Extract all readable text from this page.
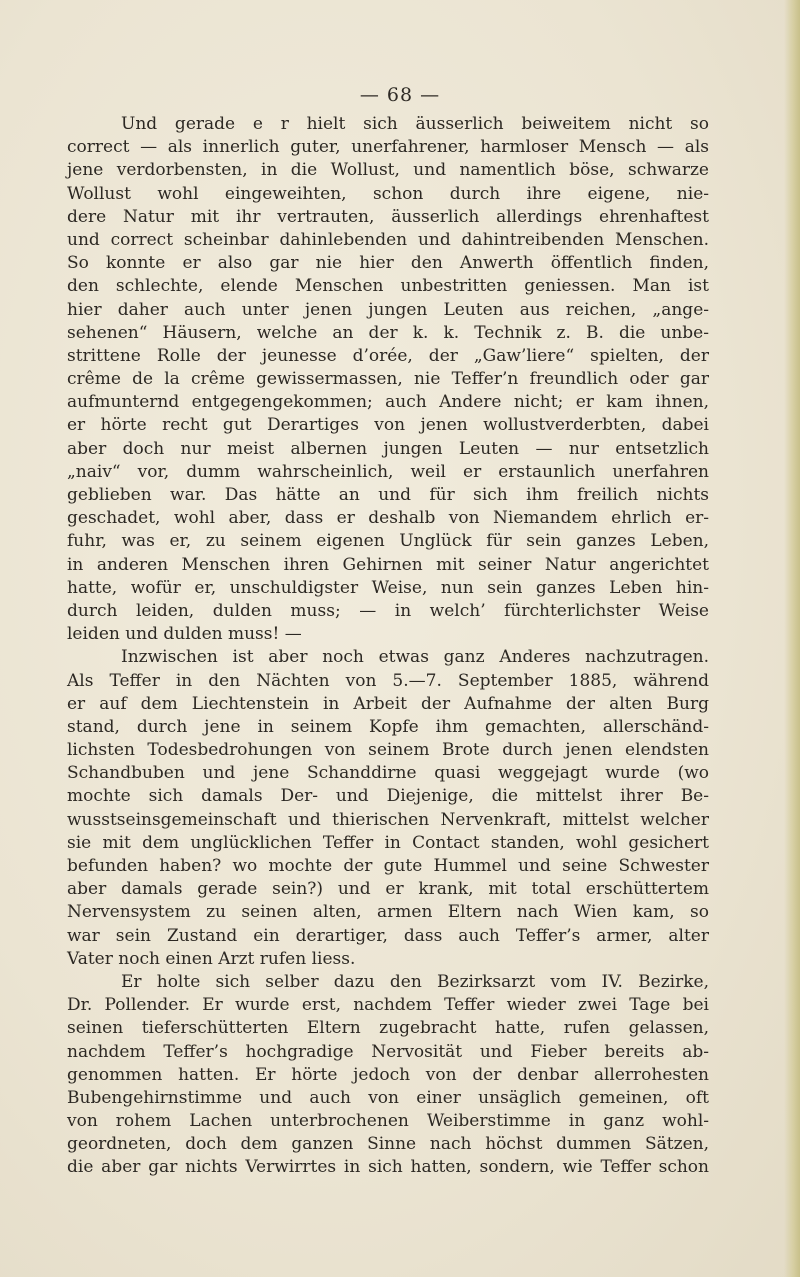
— 68 —
Und gerade e r hielt sich äusserlich beiweitem nicht so
correct — als innerlich guter, unerfahrener, harmloser Mensch — als
jene verdorbensten, in die Wollust, und namentlich böse, schwarze
Wollust wohl eingeweihten, schon durch ihre eigene, nie-
dere Natur mit ihr vertrauten, äusserlich allerdings ehrenhaftest
und correct scheinbar dahinlebenden und dahintreibenden Menschen.
So konnte er also gar nie hier den Anwerth öffentlich finden,
den schlechte, elende Menschen unbestritten geniessen. Man ist
hier daher auch unter jenen jungen Leuten aus reichen, „ange-
sehenen“ Häusern, welche an der k. k. Technik z. B. die unbe-
strittene Rolle der jeunesse d’orée, der „Gaw’liere“ spielten, der
crême de la crême gewissermassen, nie Teffer’n freundlich oder gar
aufmunternd entgegengekommen; auch Andere nicht; er kam ihnen,
er hörte recht gut Derartiges von jenen wollustverderbten, dabei
aber doch nur meist albernen jungen Leuten — nur entsetzlich
„naiv“ vor, dumm wahrscheinlich, weil er erstaunlich unerfahren
geblieben war. Das hätte an und für sich ihm freilich nichts
geschadet, wohl aber, dass er deshalb von Niemandem ehrlich er-
fuhr, was er, zu seinem eigenen Unglück für sein ganzes Leben,
in anderen Menschen ihren Gehirnen mit seiner Natur angerichtet
hatte, wofür er, unschuldigster Weise, nun sein ganzes Leben hin-
durch leiden, dulden muss; — in welch’ fürchterlichster Weise
leiden und dulden muss! —
Inzwischen ist aber noch etwas ganz Anderes nachzutragen.
Als Teffer in den Nächten von 5.—7. September 1885, während
er auf dem Liechtenstein in Arbeit der Aufnahme der alten Burg
stand, durch jene in seinem Kopfe ihm gemachten, allerschänd-
lichsten Todesbedrohungen von seinem Brote durch jenen elendsten
Schandbuben und jene Schanddirne quasi weggejagt wurde (wo
mochte sich damals Der- und Diejenige, die mittelst ihrer Be-
wusstseinsgemeinschaft und thierischen Nervenkraft, mittelst welcher
sie mit dem unglücklichen Teffer in Contact standen, wohl gesichert
befunden haben? wo mochte der gute Hummel und seine Schwester
aber damals gerade sein?) und er krank, mit total erschüttertem
Nervensystem zu seinen alten, armen Eltern nach Wien kam, so
war sein Zustand ein derartiger, dass auch Teffer’s armer, alter
Vater noch einen Arzt rufen liess.
Er holte sich selber dazu den Bezirksarzt vom IV. Bezirke,
Dr. Pollender. Er wurde erst, nachdem Teffer wieder zwei Tage bei
seinen tieferschütterten Eltern zugebracht hatte, rufen gelassen,
nachdem Teffer’s hochgradige Nervosität und Fieber bereits ab-
genommen hatten. Er hörte jedoch von der denbar allerrohesten
Bubengehirnstimme und auch von einer unsäglich gemeinen, oft
von rohem Lachen unterbrochenen Weiberstimme in ganz wohl-
geordneten, doch dem ganzen Sinne nach höchst dummen Sätzen,
die aber gar nichts Verwirrtes in sich hatten, sondern, wie Teffer schon
